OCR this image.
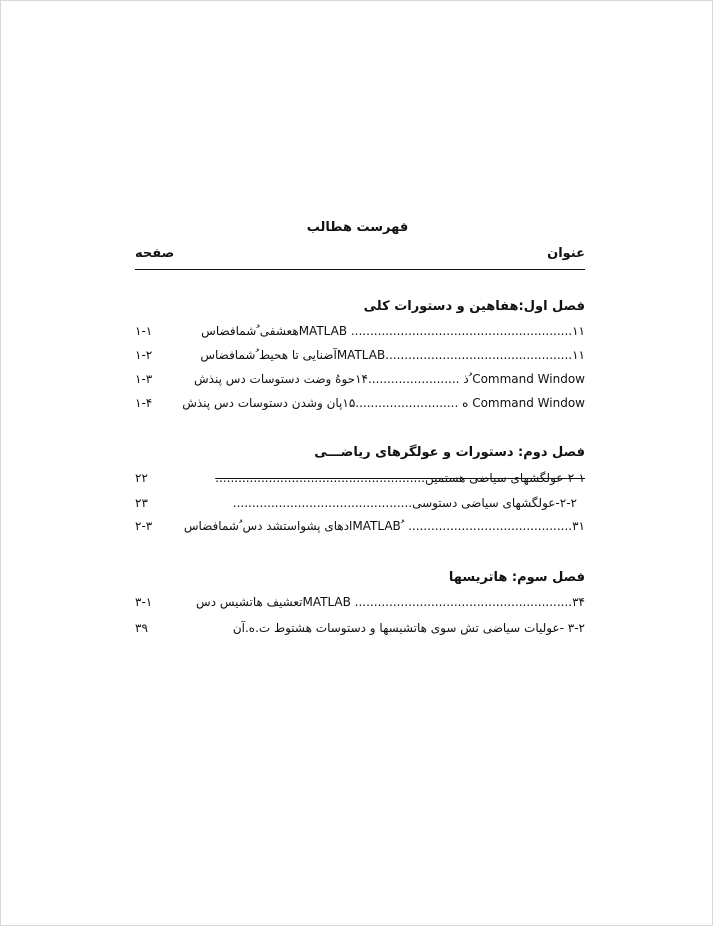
فهرست هطالب
عنوان
صفحه
فصل اول:هفاهین و دستورات کلی
۱-۱	MATLAB ..........................................................۱۱هعشفی ُشمافضاس
۱-۲	MATLAB.................................................۱۱آضنایی تا هحیط ُشمافضاس
۱-۳	Command Window ُذ ........................۱۴حوهُ وضت دستوسات دس پنذش
۱-۴	Command Window ه ...........................۱۵پان وشدن دستوسات دس پنذش
فصل دوم: دستورات و عولگرهای ریاضـــی
۲۲	۲-۱-عولگشهای سیاضی هستمین.......................................................
۲۳	۲-۲-عولگشهای سیاضی دستوسی...............................................
۲-۳	MATLAB ُ ...........................................۳۱ادهای پشواستشد دس ُشمافضاس
فصل سوم: هاتریسها
۳-۱	MATLAB .........................................................۳۴تعشیف هاتشیس دس
۳۹	۳-۲ -عولیات سیاضی تش سوی هاتشیسها و دستوسات هشتوط ت.ه.آن
